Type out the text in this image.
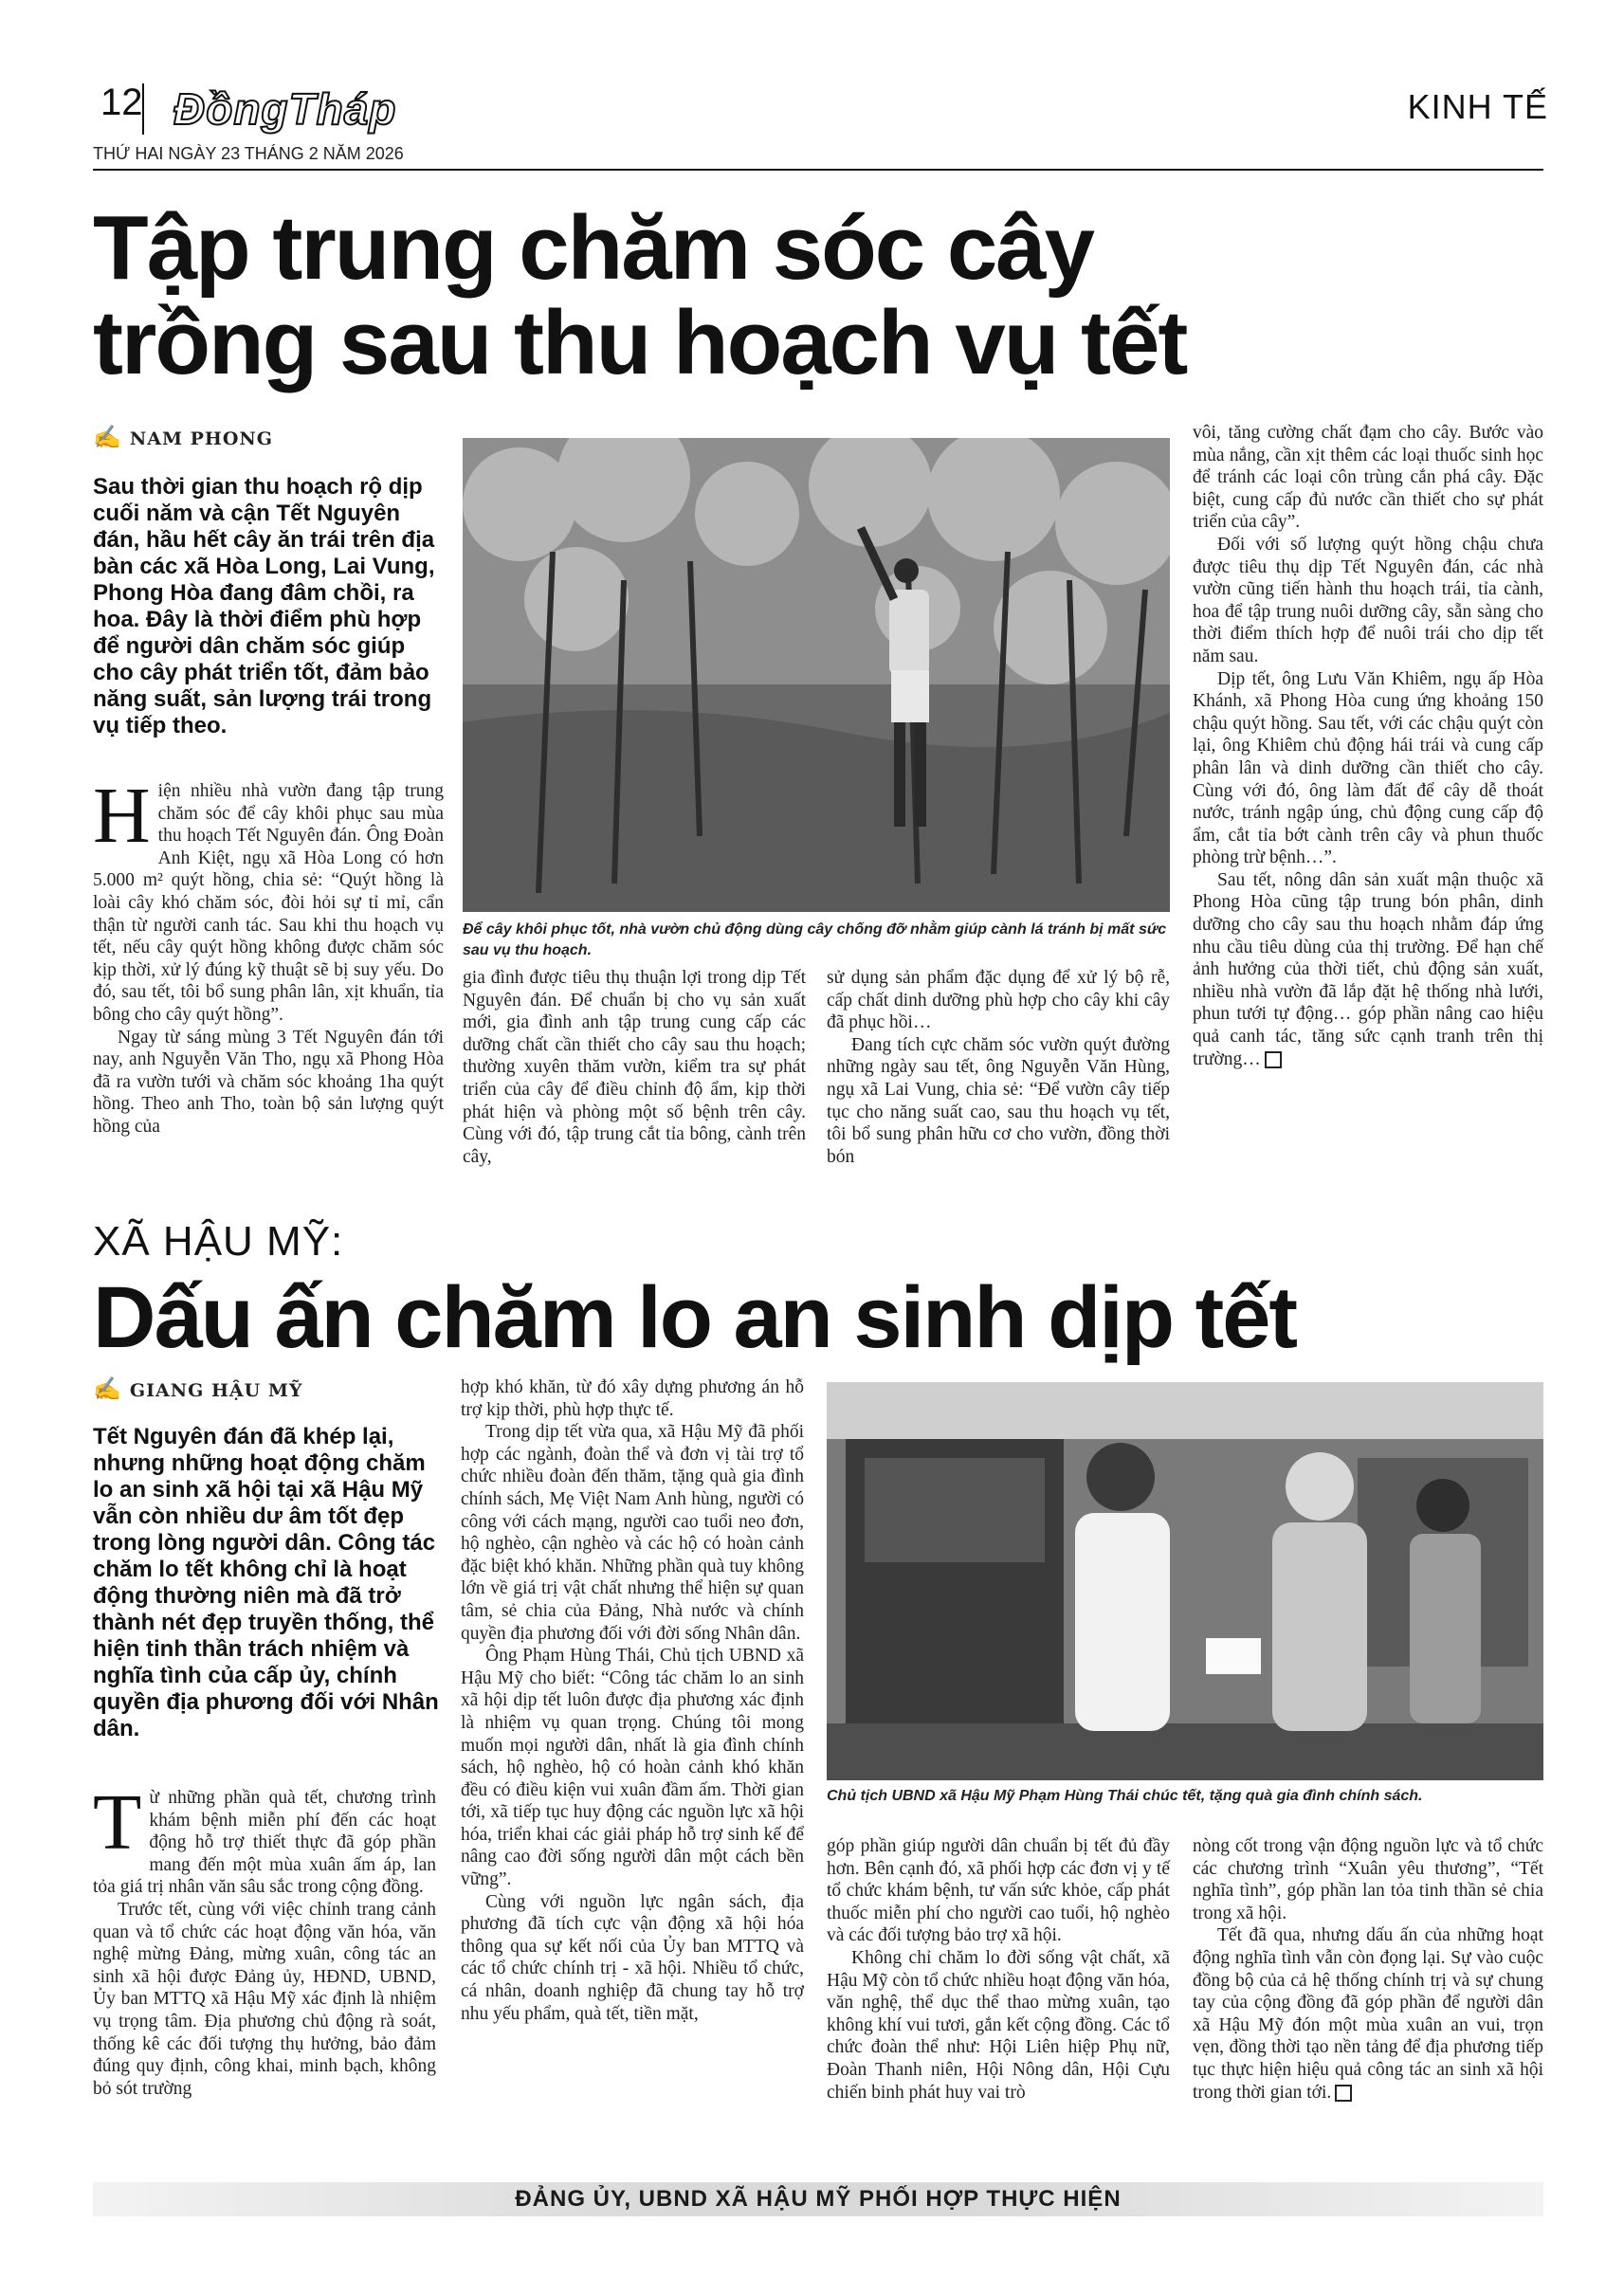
12 ĐồngTháp	KINH TẾ
THỨ HAI NGÀY 23 THÁNG 2 NĂM 2026
Tập trung chăm sóc cây trồng sau thu hoạch vụ tết
✍ NAM PHONG
Sau thời gian thu hoạch rộ dịp cuối năm và cận Tết Nguyên đán, hầu hết cây ăn trái trên địa bàn các xã Hòa Long, Lai Vung, Phong Hòa đang đâm chồi, ra hoa. Đây là thời điểm phù hợp để người dân chăm sóc giúp cho cây phát triển tốt, đảm bảo năng suất, sản lượng trái trong vụ tiếp theo.
Để cây khôi phục tốt, nhà vườn chủ động dùng cây chống đỡ nhằm giúp cành lá tránh bị mất sức sau vụ thu hoạch.

Hiện nhiều nhà vườn đang tập trung chăm sóc để cây khôi phục sau mùa thu hoạch Tết Nguyên đán. Ông Đoàn Anh Kiệt, ngụ xã Hòa Long có hơn 5.000 m² quýt hồng, chia sẻ: “Quýt hồng là loài cây khó chăm sóc, đòi hỏi sự tỉ mỉ, cẩn thận từ người canh tác. Sau khi thu hoạch vụ tết, nếu cây quýt hồng không được chăm sóc kịp thời, xử lý đúng kỹ thuật sẽ bị suy yếu. Do đó, sau tết, tôi bổ sung phân lân, xịt khuẩn, tỉa bông cho cây quýt hồng”.

Ngay từ sáng mùng 3 Tết Nguyên đán tới nay, anh Nguyễn Văn Tho, ngụ xã Phong Hòa đã ra vườn tưới và chăm sóc khoảng 1ha quýt hồng. Theo anh Tho, toàn bộ sản lượng quýt hồng của

gia đình được tiêu thụ thuận lợi trong dịp Tết Nguyên đán. Để chuẩn bị cho vụ sản xuất mới, gia đình anh tập trung cung cấp các dưỡng chất cần thiết cho cây sau thu hoạch; thường xuyên thăm vườn, kiểm tra sự phát triển của cây để điều chỉnh độ ẩm, kịp thời phát hiện và phòng một số bệnh trên cây. Cùng với đó, tập trung cắt tỉa bông, cành trên cây,

sử dụng sản phẩm đặc dụng để xử lý bộ rễ, cấp chất dinh dưỡng phù hợp cho cây khi cây đã phục hồi…

Đang tích cực chăm sóc vườn quýt đường những ngày sau tết, ông Nguyễn Văn Hùng, ngụ xã Lai Vung, chia sẻ: “Để vườn cây tiếp tục cho năng suất cao, sau thu hoạch vụ tết, tôi bổ sung phân hữu cơ cho vườn, đồng thời bón

vôi, tăng cường chất đạm cho cây. Bước vào mùa nắng, cần xịt thêm các loại thuốc sinh học để tránh các loại côn trùng cắn phá cây. Đặc biệt, cung cấp đủ nước cần thiết cho sự phát triển của cây”.

Đối với số lượng quýt hồng chậu chưa được tiêu thụ dịp Tết Nguyên đán, các nhà vườn cũng tiến hành thu hoạch trái, tỉa cành, hoa để tập trung nuôi dưỡng cây, sẵn sàng cho thời điểm thích hợp để nuôi trái cho dịp tết năm sau.

Dịp tết, ông Lưu Văn Khiêm, ngụ ấp Hòa Khánh, xã Phong Hòa cung ứng khoảng 150 chậu quýt hồng. Sau tết, với các chậu quýt còn lại, ông Khiêm chủ động hái trái và cung cấp phân lân và dinh dưỡng cần thiết cho cây. Cùng với đó, ông làm đất để cây dễ thoát nước, tránh ngập úng, chủ động cung cấp độ ẩm, cắt tỉa bớt cành trên cây và phun thuốc phòng trừ bệnh…”.

Sau tết, nông dân sản xuất mận thuộc xã Phong Hòa cũng tập trung bón phân, dinh dưỡng cho cây sau thu hoạch nhằm đáp ứng nhu cầu tiêu dùng của thị trường. Để hạn chế ảnh hưởng của thời tiết, chủ động sản xuất, nhiều nhà vườn đã lắp đặt hệ thống nhà lưới, phun tưới tự động… góp phần nâng cao hiệu quả canh tác, tăng sức cạnh tranh trên thị trường…

XÃ HẬU MỸ:
Dấu ấn chăm lo an sinh dịp tết
✍ GIANG HẬU MỸ
Tết Nguyên đán đã khép lại, nhưng những hoạt động chăm lo an sinh xã hội tại xã Hậu Mỹ vẫn còn nhiều dư âm tốt đẹp trong lòng người dân. Công tác chăm lo tết không chỉ là hoạt động thường niên mà đã trở thành nét đẹp truyền thống, thể hiện tinh thần trách nhiệm và nghĩa tình của cấp ủy, chính quyền địa phương đối với Nhân dân.

Từ những phần quà tết, chương trình khám bệnh miễn phí đến các hoạt động hỗ trợ thiết thực đã góp phần mang đến một mùa xuân ấm áp, lan tỏa giá trị nhân văn sâu sắc trong cộng đồng.

Trước tết, cùng với việc chỉnh trang cảnh quan và tổ chức các hoạt động văn hóa, văn nghệ mừng Đảng, mừng xuân, công tác an sinh xã hội được Đảng ủy, HĐND, UBND, Ủy ban MTTQ xã Hậu Mỹ xác định là nhiệm vụ trọng tâm. Địa phương chủ động rà soát, thống kê các đối tượng thụ hưởng, bảo đảm đúng quy định, công khai, minh bạch, không bỏ sót trường

hợp khó khăn, từ đó xây dựng phương án hỗ trợ kịp thời, phù hợp thực tế.

Trong dịp tết vừa qua, xã Hậu Mỹ đã phối hợp các ngành, đoàn thể và đơn vị tài trợ tổ chức nhiều đoàn đến thăm, tặng quà gia đình chính sách, Mẹ Việt Nam Anh hùng, người có công với cách mạng, người cao tuổi neo đơn, hộ nghèo, cận nghèo và các hộ có hoàn cảnh đặc biệt khó khăn. Những phần quà tuy không lớn về giá trị vật chất nhưng thể hiện sự quan tâm, sẻ chia của Đảng, Nhà nước và chính quyền địa phương đối với đời sống Nhân dân.

Ông Phạm Hùng Thái, Chủ tịch UBND xã Hậu Mỹ cho biết: “Công tác chăm lo an sinh xã hội dịp tết luôn được địa phương xác định là nhiệm vụ quan trọng. Chúng tôi mong muốn mọi người dân, nhất là gia đình chính sách, hộ nghèo, hộ có hoàn cảnh khó khăn đều có điều kiện vui xuân đầm ấm. Thời gian tới, xã tiếp tục huy động các nguồn lực xã hội hóa, triển khai các giải pháp hỗ trợ sinh kế để nâng cao đời sống người dân một cách bền vững”.

Cùng với nguồn lực ngân sách, địa phương đã tích cực vận động xã hội hóa thông qua sự kết nối của Ủy ban MTTQ và các tổ chức chính trị - xã hội. Nhiều tổ chức, cá nhân, doanh nghiệp đã chung tay hỗ trợ nhu yếu phẩm, quà tết, tiền mặt,

Chủ tịch UBND xã Hậu Mỹ Phạm Hùng Thái chúc tết, tặng quà gia đình chính sách.

góp phần giúp người dân chuẩn bị tết đủ đầy hơn. Bên cạnh đó, xã phối hợp các đơn vị y tế tổ chức khám bệnh, tư vấn sức khỏe, cấp phát thuốc miễn phí cho người cao tuổi, hộ nghèo và các đối tượng bảo trợ xã hội.

Không chỉ chăm lo đời sống vật chất, xã Hậu Mỹ còn tổ chức nhiều hoạt động văn hóa, văn nghệ, thể dục thể thao mừng xuân, tạo không khí vui tươi, gắn kết cộng đồng. Các tổ chức đoàn thể như: Hội Liên hiệp Phụ nữ, Đoàn Thanh niên, Hội Nông dân, Hội Cựu chiến binh phát huy vai trò

nòng cốt trong vận động nguồn lực và tổ chức các chương trình “Xuân yêu thương”, “Tết nghĩa tình”, góp phần lan tỏa tinh thần sẻ chia trong xã hội.

Tết đã qua, nhưng dấu ấn của những hoạt động nghĩa tình vẫn còn đọng lại. Sự vào cuộc đồng bộ của cả hệ thống chính trị và sự chung tay của cộng đồng đã góp phần để người dân xã Hậu Mỹ đón một mùa xuân an vui, trọn vẹn, đồng thời tạo nền tảng để địa phương tiếp tục thực hiện hiệu quả công tác an sinh xã hội trong thời gian tới.

ĐẢNG ỦY, UBND XÃ HẬU MỸ PHỐI HỢP THỰC HIỆN
